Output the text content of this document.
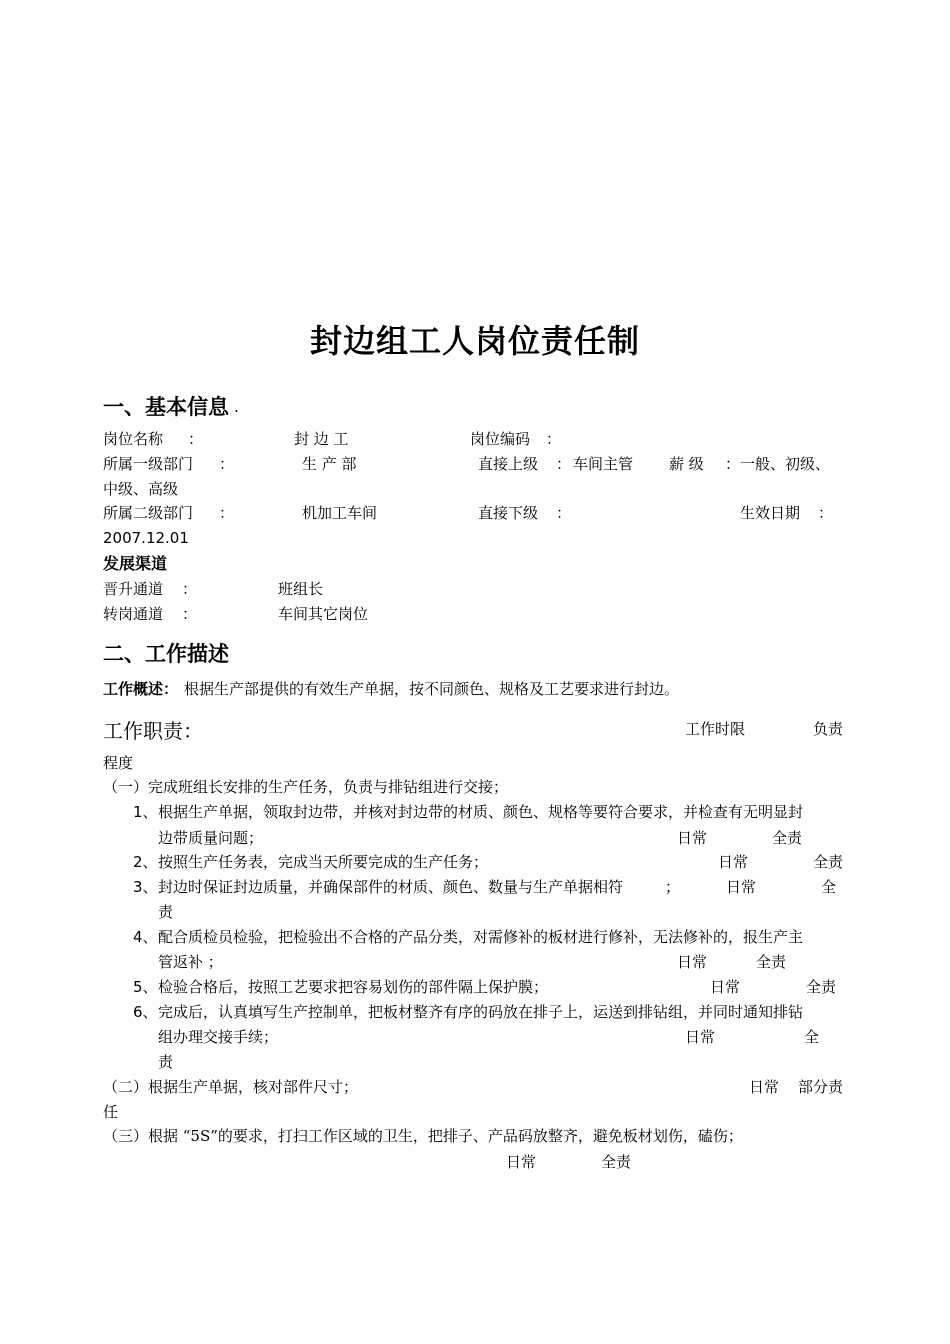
封边组工人岗位责任制
一、基本信息 .
岗位名称 ：	封 边 工	岗位编码 ：
所属一级部门 ：	生 产 部	直接上级 ： 车间主管 薪 级 ： 一般、初级、
中级、高级
所属二级部门 ：	机加工车间	直接下级 ：	生效日期 ：
2007.12.01
发展渠道
晋升通道 ：	班组长
转岗通道 ：	车间其它岗位
二、工作描述
工作概述： 根据生产部提供的有效生产单据，按不同颜色、规格及工艺要求进行封边。
工作职责：	工作时限	负责
程度
（一）完成班组长安排的生产任务，负责与排钻组进行交接；
1、 根据生产单据，领取封边带，并核对封边带的材质、颜色、规格等要符合要求，并检查有无明显封
边带质量问题；	日常	全责
2、 按照生产任务表，完成当天所要完成的生产任务；	日常	全责
3、 封边时保证封边质量，并确保部件的材质、颜色、数量与生产单据相符	；	日常	全
责
4、 配合质检员检验，把检验出不合格的产品分类，对需修补的板材进行修补，无法修补的，报生产主
管返补 ；	日常	全责
5、 检验合格后，按照工艺要求把容易划伤的部件隔上保护膜；	日常	全责
6、 完成后，认真填写生产控制单，把板材整齐有序的码放在排子上，运送到排钻组，并同时通知排钻
组办理交接手续；	日常	全
责
（二）根据生产单据，核对部件尺寸；	日常 部分责
任
（三）根据 “5S”的要求，打扫工作区域的卫生，把排子、产品码放整齐，避免板材划伤，磕伤；
日常	全责
